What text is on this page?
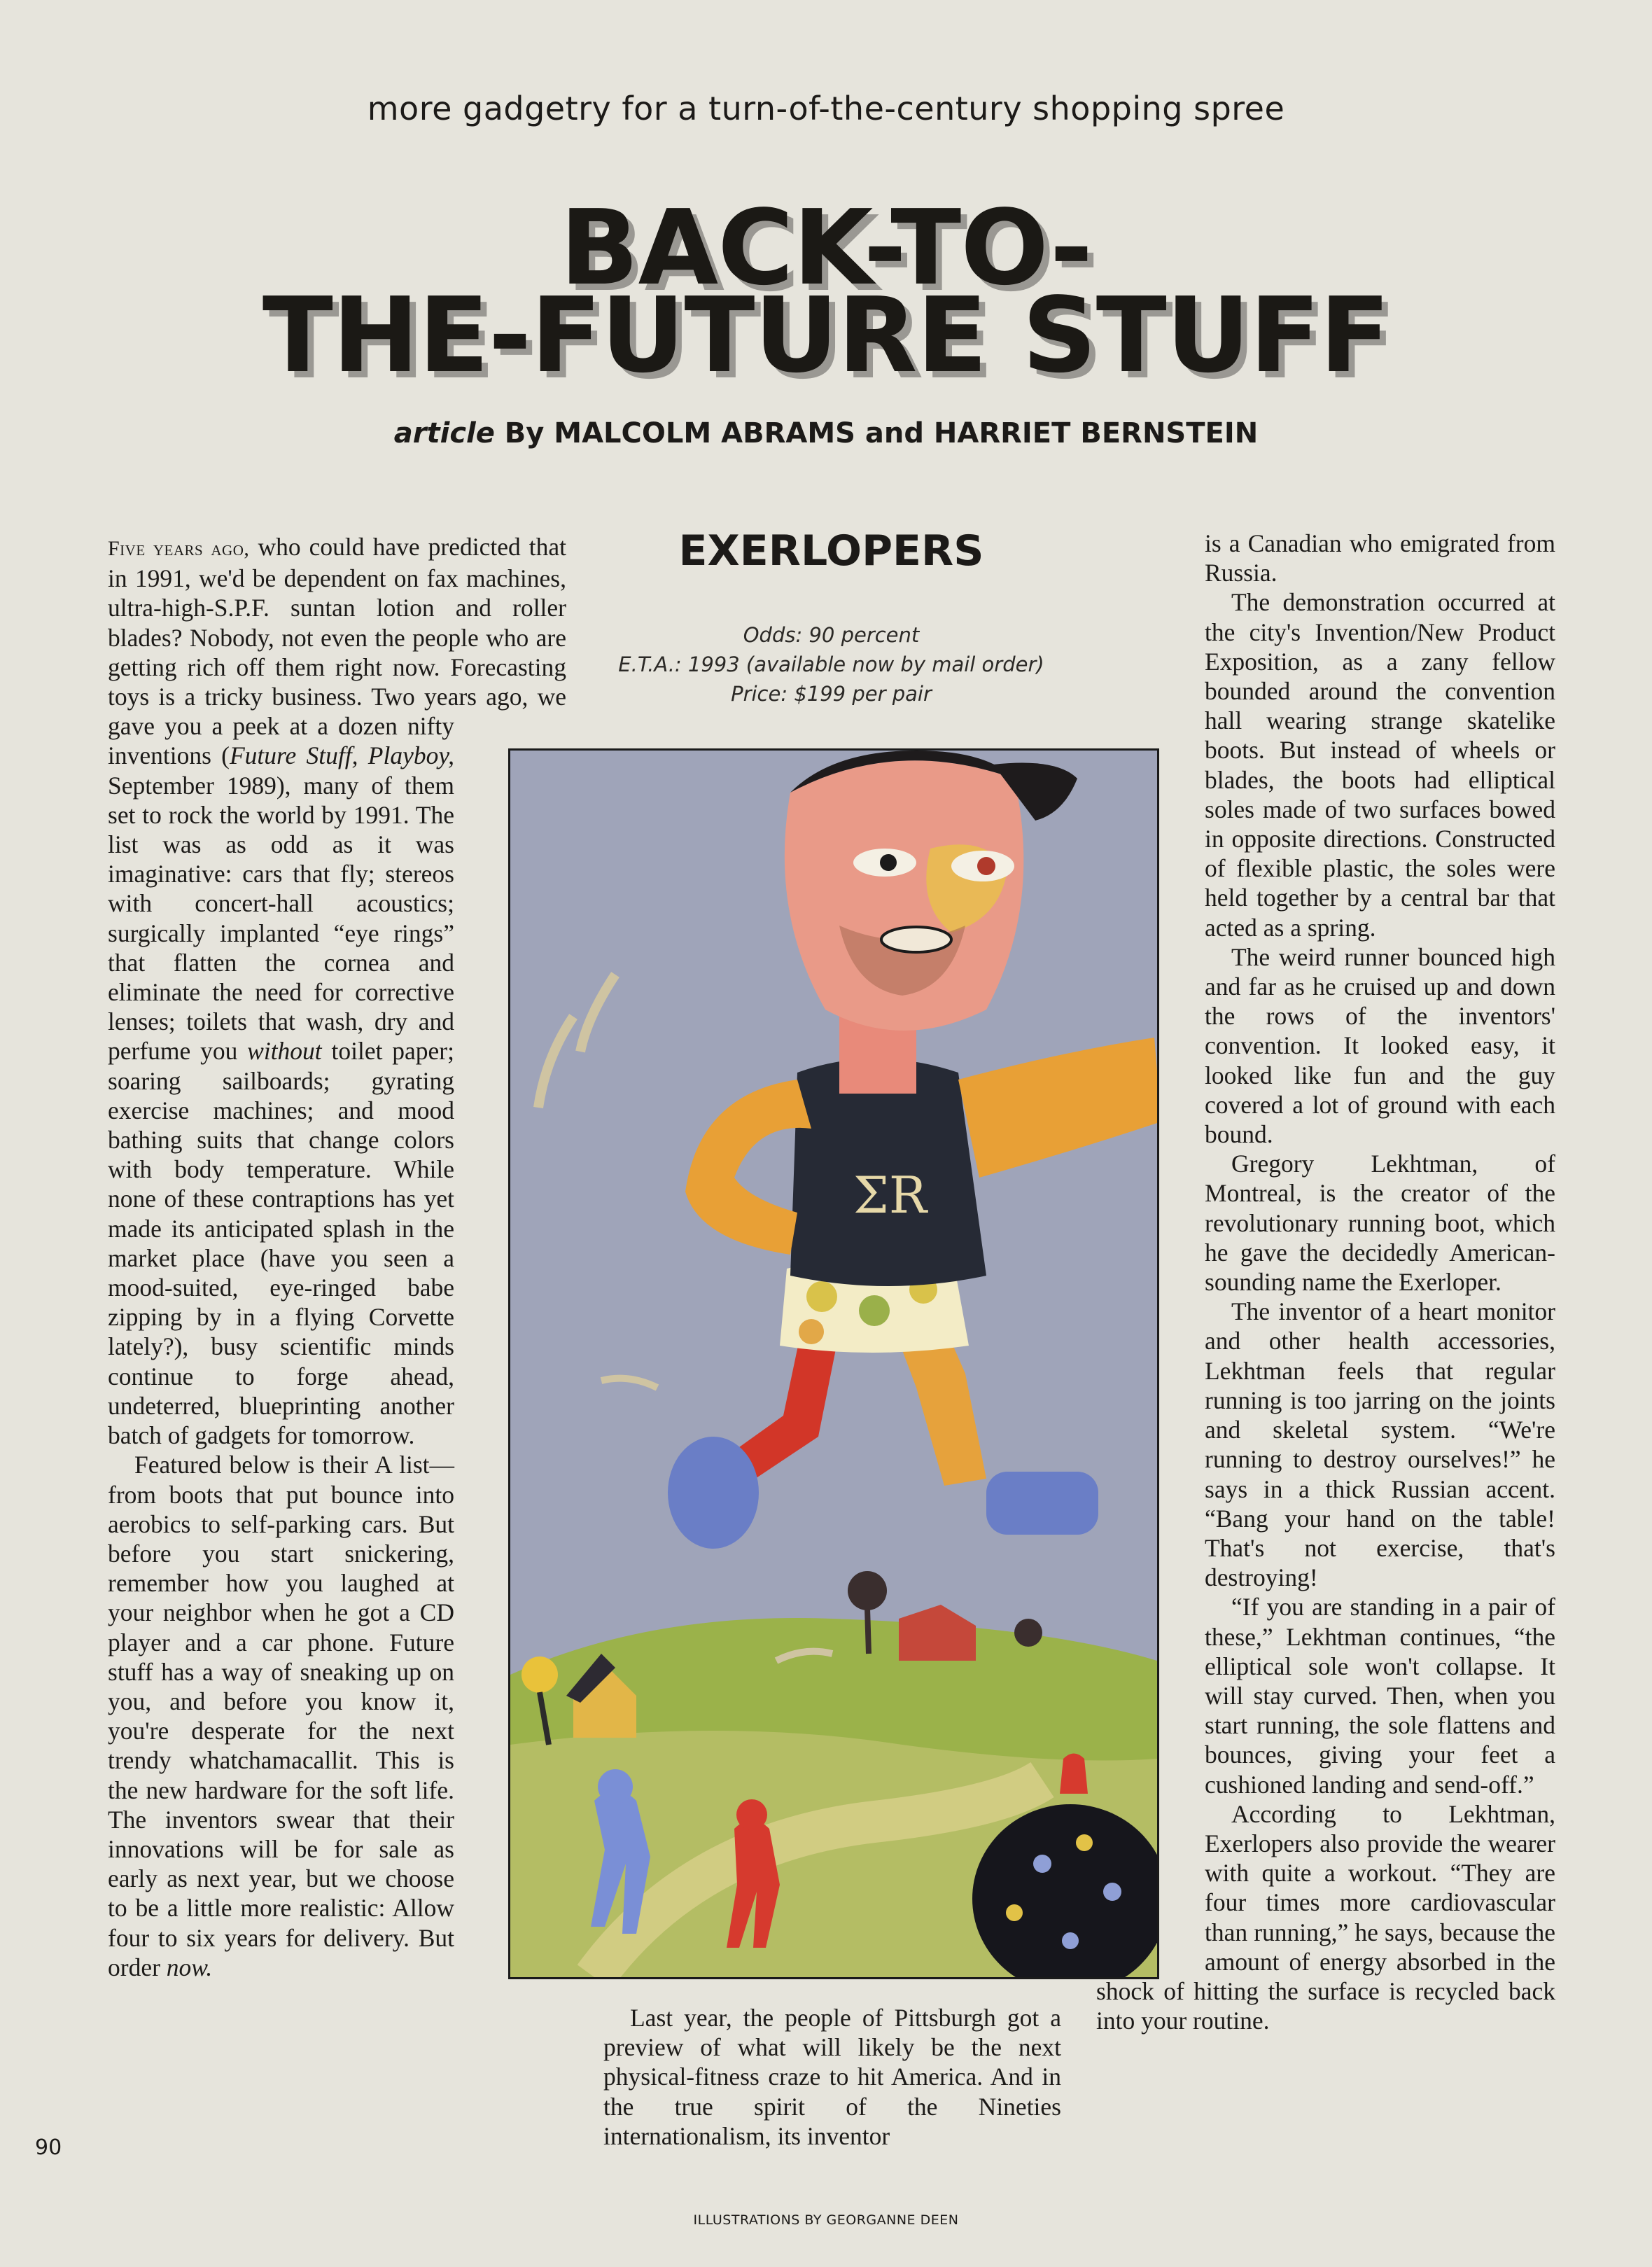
more gadgetry for a turn-of-the-century shopping spree
BACK-TO-
THE-FUTURE STUFF
article By MALCOLM ABRAMS and HARRIET BERNSTEIN

Five years ago, who could have predicted that in 1991, we'd be dependent on fax machines, ultra-high-S.P.F. suntan lotion and roller blades? Nobody, not even the people who are getting rich off them right now. Forecasting toys is a tricky business. Two years ago, we gave you a peek at a dozen nifty inventions (Future Stuff, Playboy, September 1989), many of them set to rock the world by 1991. The list was as odd as it was imaginative: cars that fly; stereos with concert-hall acoustics; surgically implanted “eye rings” that flatten the cornea and eliminate the need for corrective lenses; toilets that wash, dry and perfume you without toilet paper; soaring sailboards; gyrating exercise machines; and mood bathing suits that change colors with body temperature. While none of these contraptions has yet made its anticipated splash in the market place (have you seen a mood-suited, eye-ringed babe zipping by in a flying Corvette lately?), busy scientific minds continue to forge ahead, undeterred, blueprinting another batch of gadgets for tomorrow.

Featured below is their A list—from boots that put bounce into aerobics to self-parking cars. But before you start snickering, remember how you laughed at your neighbor when he got a CD player and a car phone. Future stuff has a way of sneaking up on you, and before you know it, you're desperate for the next trendy whatchamacallit. This is the new hardware for the soft life. The inventors swear that their innovations will be for sale as early as next year, but we choose to be a little more realistic: Allow four to six years for delivery. But order now.

EXERLOPERS
Odds: 90 percent
E.T.A.: 1993 (available now by mail order)
Price: $199 per pair
ƩR

Last year, the people of Pittsburgh got a preview of what will likely be the next physical-fitness craze to hit America. And in the true spirit of the Nineties internationalism, its inventor

is a Canadian who emigrated from Russia.

The demonstration occurred at the city's Invention/New Product Exposition, as a zany fellow bounded around the convention hall wearing strange skatelike boots. But instead of wheels or blades, the boots had elliptical soles made of two surfaces bowed in opposite directions. Constructed of flexible plastic, the soles were held together by a central bar that acted as a spring.

The weird runner bounced high and far as he cruised up and down the rows of the inventors' convention. It looked easy, it looked like fun and the guy covered a lot of ground with each bound.

Gregory Lekhtman, of Montreal, is the creator of the revolutionary running boot, which he gave the decidedly American-sounding name the Exerloper.

The inventor of a heart monitor and other health accessories, Lekhtman feels that regular running is too jarring on the joints and skeletal system. “We're running to destroy ourselves!” he says in a thick Russian accent. “Bang your hand on the table! That's not exercise, that's destroying!

“If you are standing in a pair of these,” Lekhtman continues, “the elliptical sole won't collapse. It will stay curved. Then, when you start running, the sole flattens and bounces, giving your feet a cushioned landing and send-off.”

According to Lekhtman, Exerlopers also provide the wearer with quite a workout. “They are four times more cardiovascular than running,” he says, because the amount of energy absorbed in the shock of hitting the surface is recycled back into your routine.

90
ILLUSTRATIONS BY GEORGANNE DEEN
